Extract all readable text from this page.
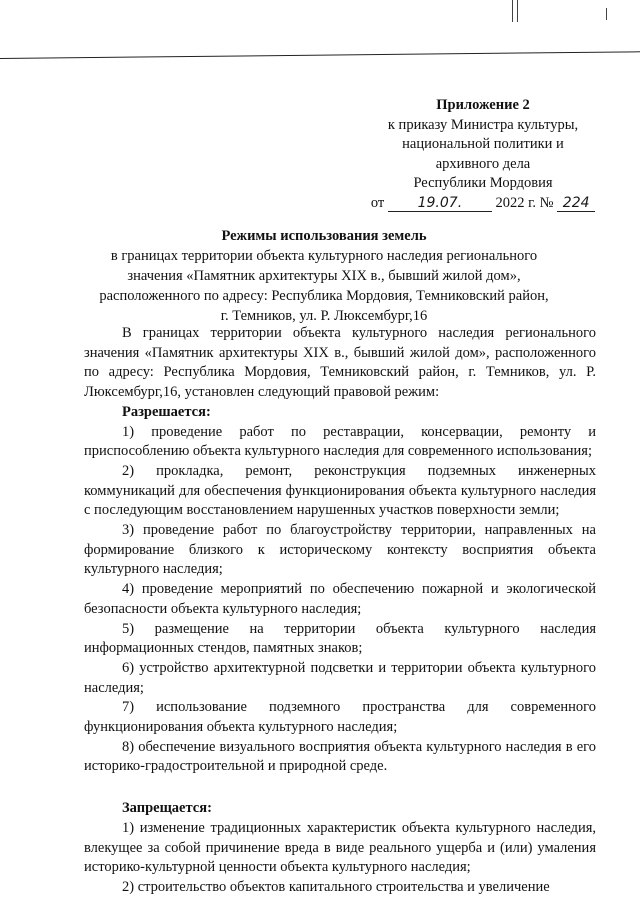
Приложение 2
к приказу Министра культуры,
национальной политики и
архивного дела
Республики Мордовия
от 19.07. 2022 г. № 224
Режимы использования земель
в границах территории объекта культурного наследия регионального
значения «Памятник архитектуры XIX в., бывший жилой дом»,
расположенного по адресу: Республика Мордовия, Темниковский район,
г. Темников, ул. Р. Люксембург,16

В границах территории объекта культурного наследия регионального значения «Памятник архитектуры XIX в., бывший жилой дом», расположенного по адресу: Республика Мордовия, Темниковский район, г. Темников, ул. Р. Люксембург,16, установлен следующий правовой режим:

Разрешается:

1) проведение работ по реставрации, консервации, ремонту и приспособлению объекта культурного наследия для современного использования;

2) прокладка, ремонт, реконструкция подземных инженерных коммуникаций для обеспечения функционирования объекта культурного наследия с последующим восстановлением нарушенных участков поверхности земли;

3) проведение работ по благоустройству территории, направленных на формирование близкого к историческому контексту восприятия объекта культурного наследия;

4) проведение мероприятий по обеспечению пожарной и экологической безопасности объекта культурного наследия;

5) размещение на территории объекта культурного наследия информационных стендов, памятных знаков;

6) устройство архитектурной подсветки и территории объекта культурного наследия;

7) использование подземного пространства для современного функционирования объекта культурного наследия;

8) обеспечение визуального восприятия объекта культурного наследия в его историко-градостроительной и природной среде.

Запрещается:

1) изменение традиционных характеристик объекта культурного наследия, влекущее за собой причинение вреда в виде реального ущерба и (или) умаления историко-культурной ценности объекта культурного наследия;

2) строительство объектов капитального строительства и увеличение
